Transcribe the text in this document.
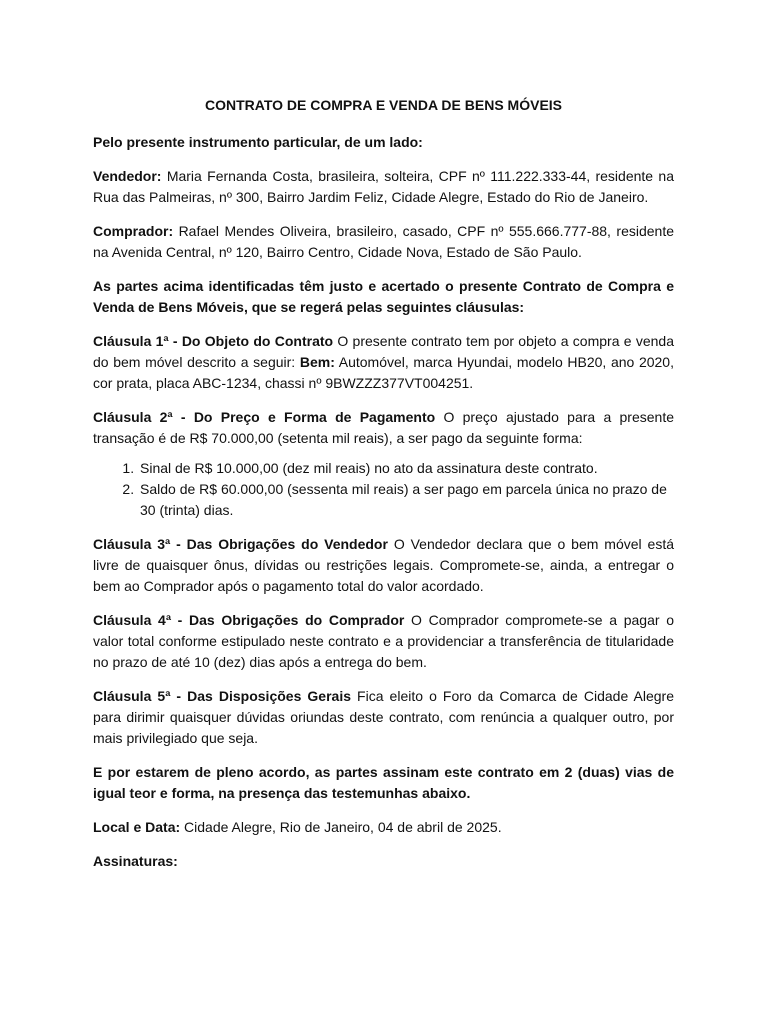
CONTRATO DE COMPRA E VENDA DE BENS MÓVEIS

Pelo presente instrumento particular, de um lado:

Vendedor: Maria Fernanda Costa, brasileira, solteira, CPF nº 111.222.333-44, residente na Rua das Palmeiras, nº 300, Bairro Jardim Feliz, Cidade Alegre, Estado do Rio de Janeiro.

Comprador: Rafael Mendes Oliveira, brasileiro, casado, CPF nº 555.666.777-88, residente na Avenida Central, nº 120, Bairro Centro, Cidade Nova, Estado de São Paulo.

As partes acima identificadas têm justo e acertado o presente Contrato de Compra e Venda de Bens Móveis, que se regerá pelas seguintes cláusulas:

Cláusula 1ª - Do Objeto do Contrato O presente contrato tem por objeto a compra e venda do bem móvel descrito a seguir: Bem: Automóvel, marca Hyundai, modelo HB20, ano 2020, cor prata, placa ABC-1234, chassi nº 9BWZZZ377VT004251.

Cláusula 2ª - Do Preço e Forma de Pagamento O preço ajustado para a presente transação é de R$ 70.000,00 (setenta mil reais), a ser pago da seguinte forma:

1. Sinal de R$ 10.000,00 (dez mil reais) no ato da assinatura deste contrato.
2. Saldo de R$ 60.000,00 (sessenta mil reais) a ser pago em parcela única no prazo de 30 (trinta) dias.

Cláusula 3ª - Das Obrigações do Vendedor O Vendedor declara que o bem móvel está livre de quaisquer ônus, dívidas ou restrições legais. Compromete-se, ainda, a entregar o bem ao Comprador após o pagamento total do valor acordado.

Cláusula 4ª - Das Obrigações do Comprador O Comprador compromete-se a pagar o valor total conforme estipulado neste contrato e a providenciar a transferência de titularidade no prazo de até 10 (dez) dias após a entrega do bem.

Cláusula 5ª - Das Disposições Gerais Fica eleito o Foro da Comarca de Cidade Alegre para dirimir quaisquer dúvidas oriundas deste contrato, com renúncia a qualquer outro, por mais privilegiado que seja.

E por estarem de pleno acordo, as partes assinam este contrato em 2 (duas) vias de igual teor e forma, na presença das testemunhas abaixo.

Local e Data: Cidade Alegre, Rio de Janeiro, 04 de abril de 2025.

Assinaturas:
